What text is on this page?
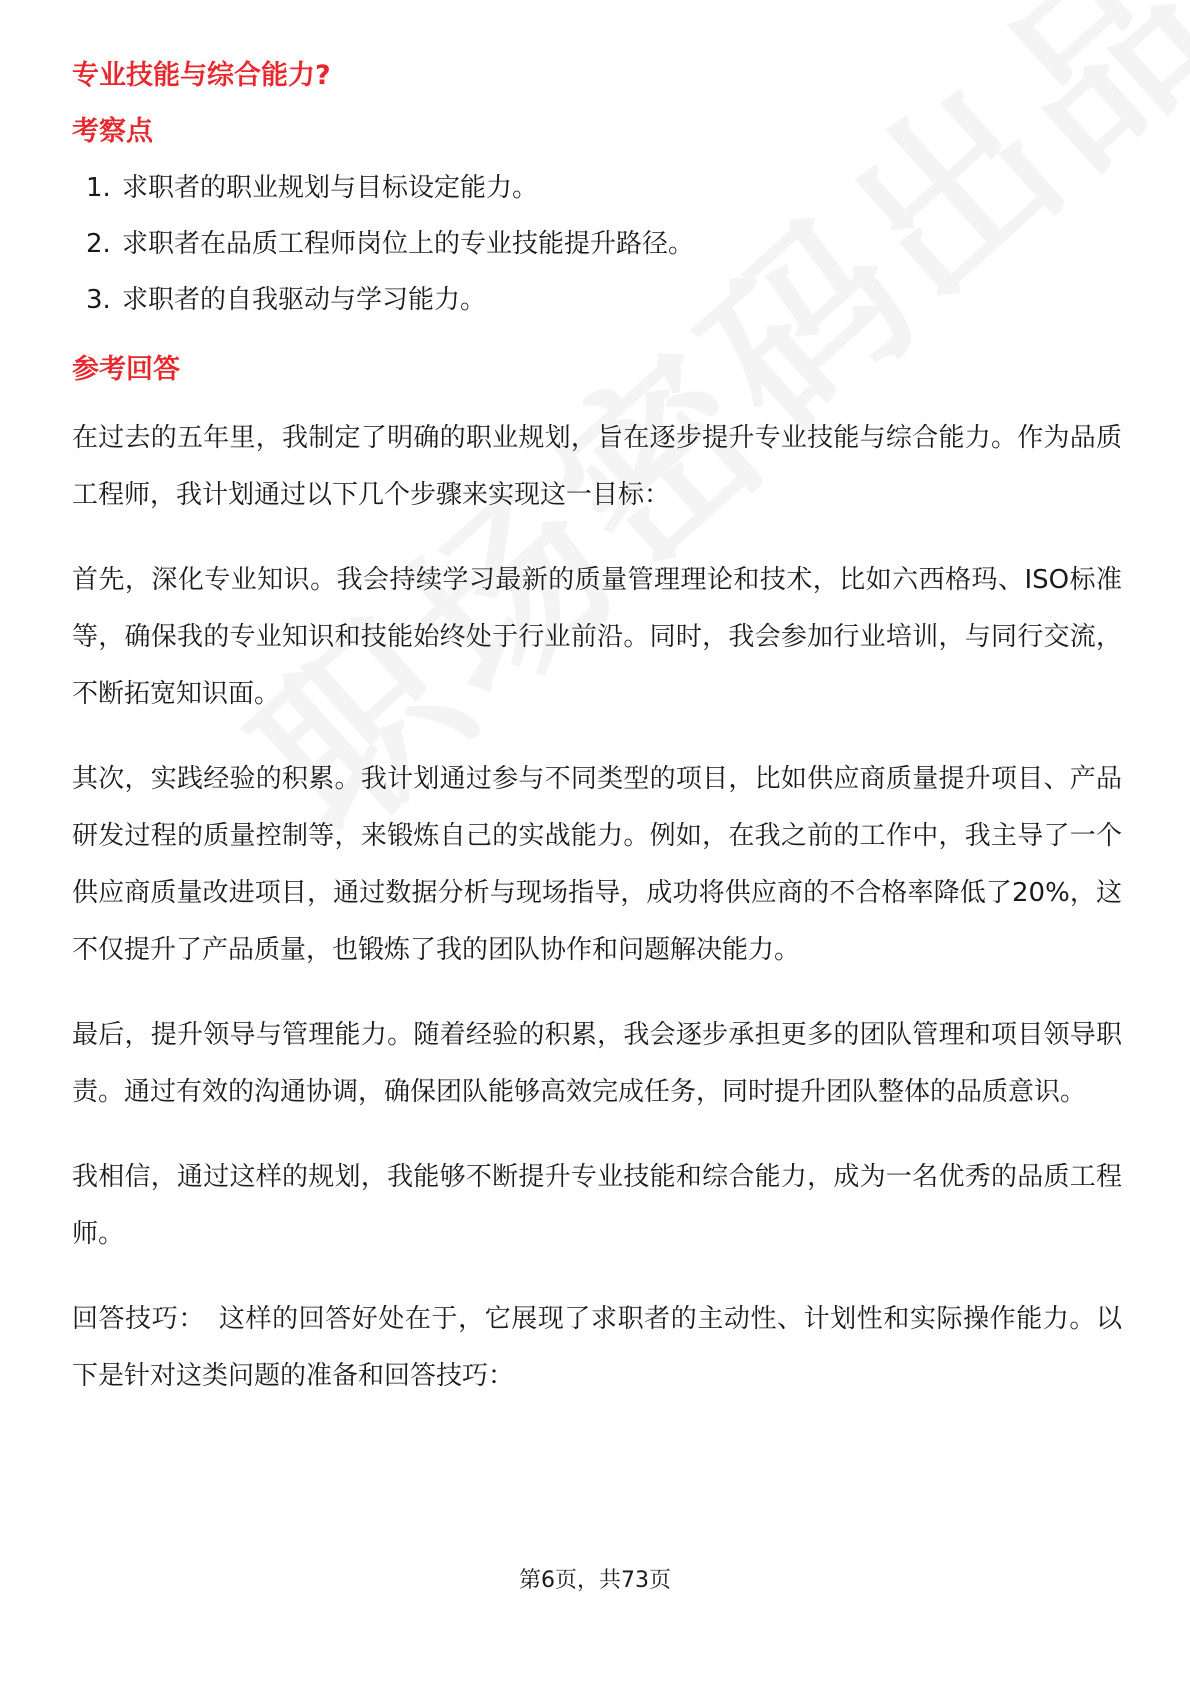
专业技能与综合能力?
考察点
1. 求职者的职业规划与目标设定能力。
2. 求职者在品质工程师岗位上的专业技能提升路径。
3. 求职者的自我驱动与学习能力。
参考回答

在过去的五年里，我制定了明确的职业规划，旨在逐步提升专业技能与综合能力。作为品质工程师，我计划通过以下几个步骤来实现这一目标：

首先，深化专业知识。我会持续学习最新的质量管理理论和技术，比如六西格玛、ISO标准等，确保我的专业知识和技能始终处于行业前沿。同时，我会参加行业培训，与同行交流，不断拓宽知识面。

其次，实践经验的积累。我计划通过参与不同类型的项目，比如供应商质量提升项目、产品研发过程的质量控制等，来锻炼自己的实战能力。例如，在我之前的工作中，我主导了一个供应商质量改进项目，通过数据分析与现场指导，成功将供应商的不合格率降低了20%，这不仅提升了产品质量，也锻炼了我的团队协作和问题解决能力。

最后，提升领导与管理能力。随着经验的积累，我会逐步承担更多的团队管理和项目领导职责。通过有效的沟通协调，确保团队能够高效完成任务，同时提升团队整体的品质意识。

我相信，通过这样的规划，我能够不断提升专业技能和综合能力，成为一名优秀的品质工程师。

回答技巧： 这样的回答好处在于，它展现了求职者的主动性、计划性和实际操作能力。以下是针对这类问题的准备和回答技巧：

第6页，共73页
